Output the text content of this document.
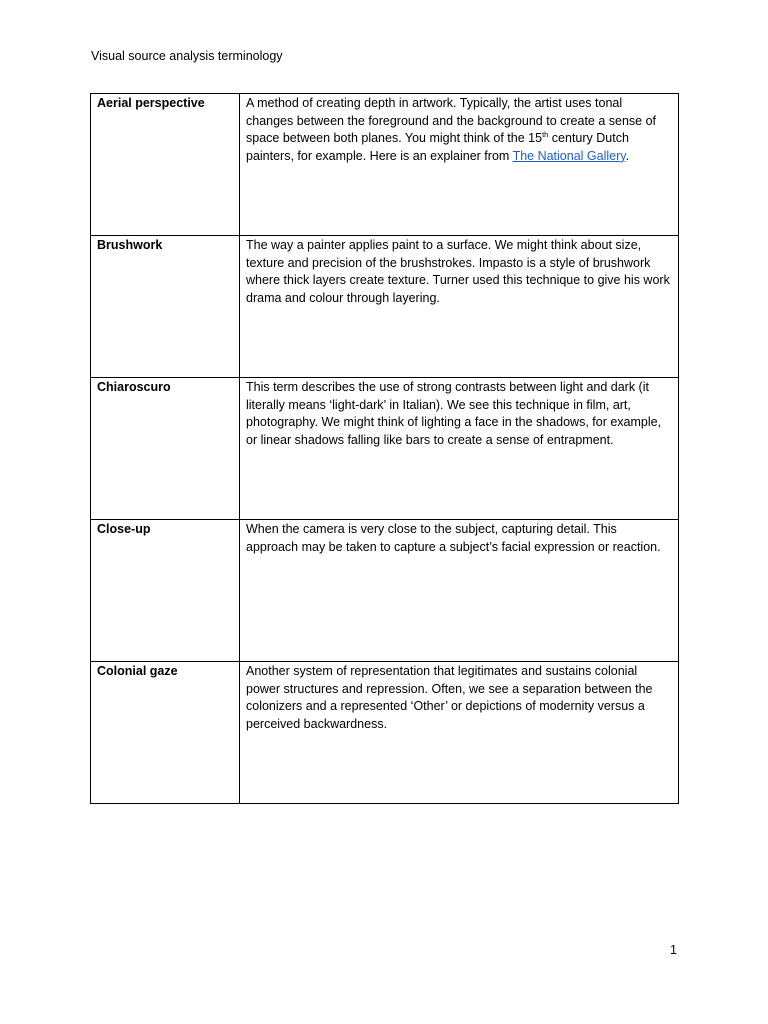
Visual source analysis terminology
Aerial perspective	A method of creating depth in artwork. Typically, the artist uses tonal changes between the foreground and the background to create a sense of space between both planes. You might think of the 15th century Dutch painters, for example. Here is an explainer from The National Gallery.

Brushwork	The way a painter applies paint to a surface. We might think about size, texture and precision of the brushstrokes. Impasto is a style of brushwork where thick layers create texture. Turner used this technique to give his work drama and colour through layering.

Chiaroscuro	This term describes the use of strong contrasts between light and dark (it literally means ‘light-dark’ in Italian). We see this technique in film, art, photography. We might think of lighting a face in the shadows, for example, or linear shadows falling like bars to create a sense of entrapment.

Close-up	When the camera is very close to the subject, capturing detail. This approach may be taken to capture a subject’s facial expression or reaction.

Colonial gaze	Another system of representation that legitimates and sustains colonial power structures and repression. Often, we see a separation between the colonizers and a represented ‘Other’ or depictions of modernity versus a perceived backwardness.
1
